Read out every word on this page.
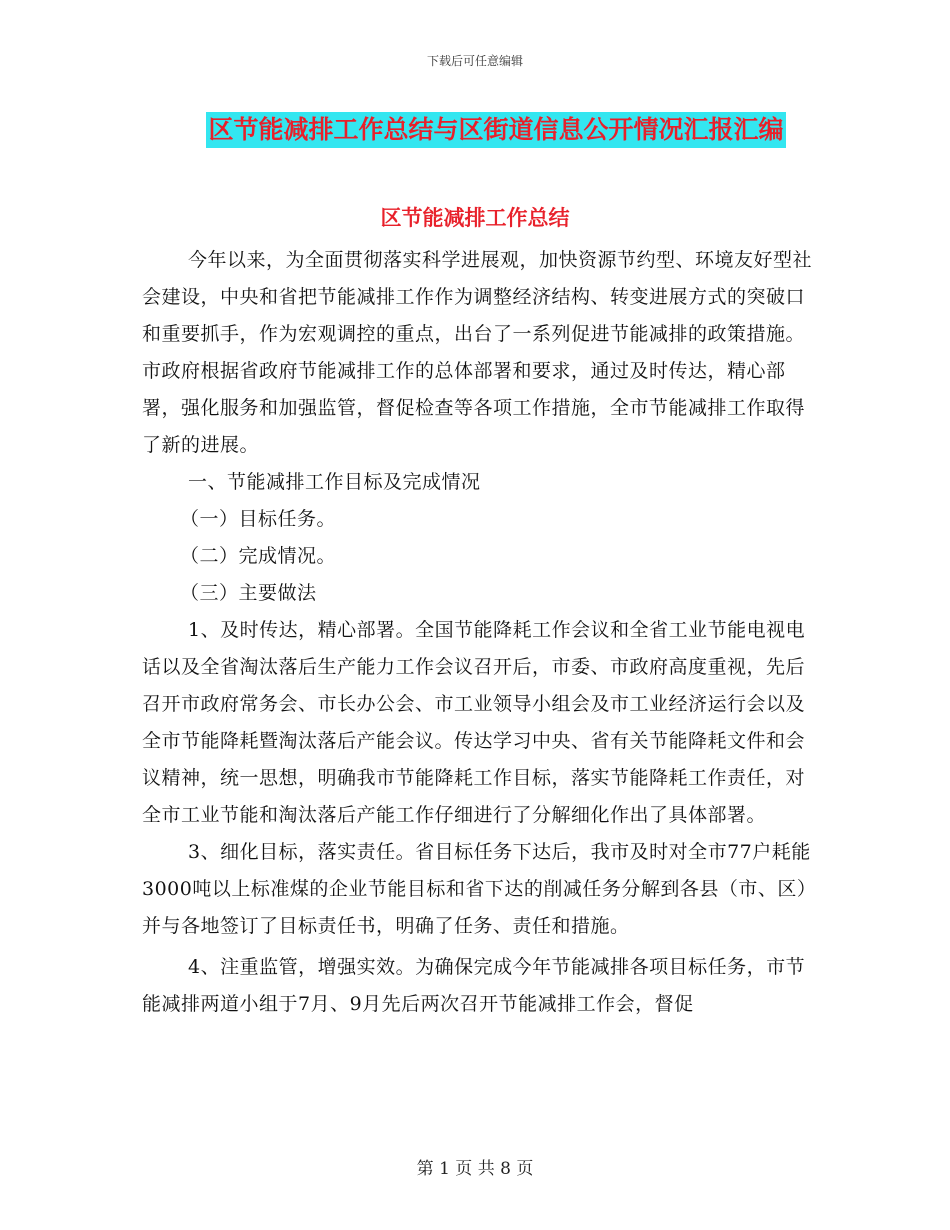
下载后可任意编辑
区节能减排工作总结与区街道信息公开情况汇报汇编
区节能减排工作总结

今年以来，为全面贯彻落实科学进展观，加快资源节约型、环境友好型社会建设，中央和省把节能减排工作作为调整经济结构、转变进展方式的突破口和重要抓手，作为宏观调控的重点，出台了一系列促进节能减排的政策措施。市政府根据省政府节能减排工作的总体部署和要求，通过及时传达，精心部署，强化服务和加强监管，督促检查等各项工作措施，全市节能减排工作取得了新的进展。

一、节能减排工作目标及完成情况

（一）目标任务。

（二）完成情况。

（三）主要做法

1、及时传达，精心部署。全国节能降耗工作会议和全省工业节能电视电话以及全省淘汰落后生产能力工作会议召开后，市委、市政府高度重视，先后召开市政府常务会、市长办公会、市工业领导小组会及市工业经济运行会以及全市节能降耗暨淘汰落后产能会议。传达学习中央、省有关节能降耗文件和会议精神，统一思想，明确我市节能降耗工作目标，落实节能降耗工作责任，对全市工业节能和淘汰落后产能工作仔细进行了分解细化作出了具体部署。

3、细化目标，落实责任。省目标任务下达后，我市及时对全市77户耗能3000吨以上标准煤的企业节能目标和省下达的削减任务分解到各县（市、区）并与各地签订了目标责任书，明确了任务、责任和措施。

4、注重监管，增强实效。为确保完成今年节能减排各项目标任务，市节能减排两道小组于7月、9月先后两次召开节能减排工作会，督促

第 1 页 共 8 页
